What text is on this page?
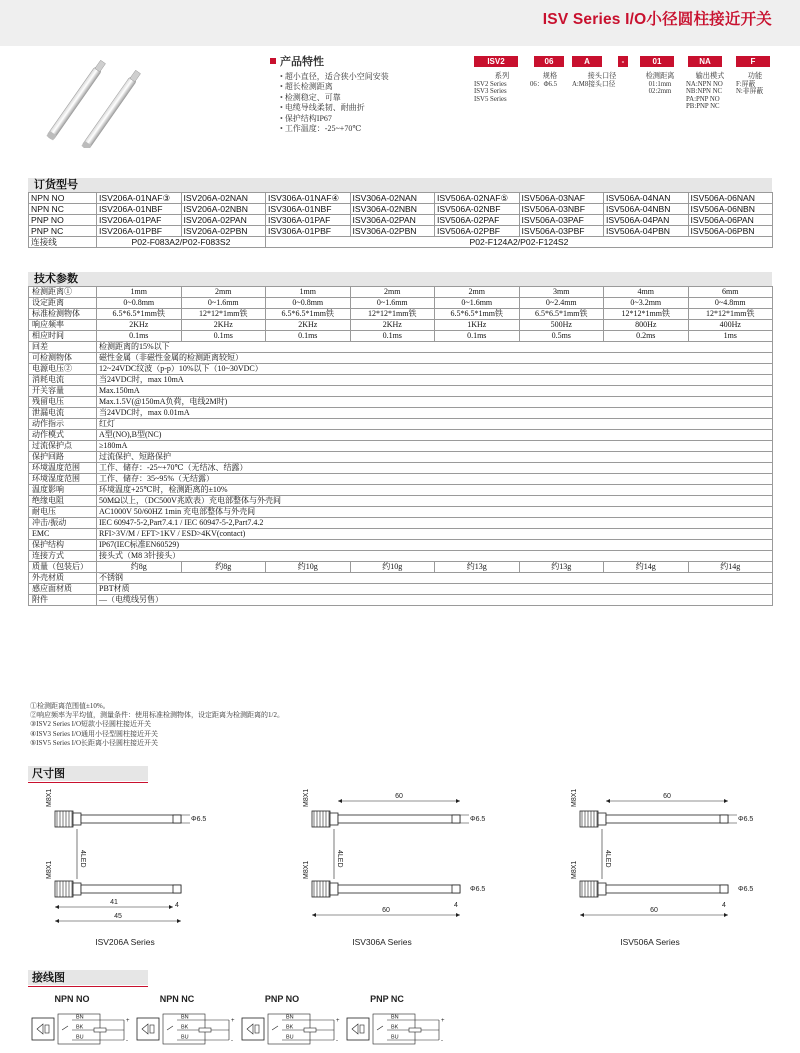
ISV Series I/O小径圆柱接近开关
产品特性
• 超小直径，适合狭小空间安装
• 超长检测距离
• 检测稳定、可靠
• 电缆导线柔韧、耐曲折
• 保护结构IP67
• 工作温度：-25~+70℃
ISV2	06	A	-	01	NA	F
系列
ISV2 Series
ISV3 Series
ISV5 Series
规格
06：Φ6.5
接头口径
A:M8接头口径
检测距离
01:1mm
02:2mm
输出模式
NA:NPN NO
NB:NPN NC
PA:PNP NO
PB:PNP NC
功能
F:屏蔽
N:非屏蔽
订货型号
NPN NO	ISV206A-01NAF③	ISV206A-02NAN	ISV306A-01NAF④	ISV306A-02NAN	ISV506A-02NAF⑤	ISV506A-03NAF	ISV506A-04NAN	ISV506A-06NAN
NPN NC	ISV206A-01NBF	ISV206A-02NBN	ISV306A-01NBF	ISV306A-02NBN	ISV506A-02NBF	ISV506A-03NBF	ISV506A-04NBN	ISV506A-06NBN
PNP NO	ISV206A-01PAF	ISV206A-02PAN	ISV306A-01PAF	ISV306A-02PAN	ISV506A-02PAF	ISV506A-03PAF	ISV506A-04PAN	ISV506A-06PAN
PNP NC	ISV206A-01PBF	ISV206A-02PBN	ISV306A-01PBF	ISV306A-02PBN	ISV506A-02PBF	ISV506A-03PBF	ISV506A-04PBN	ISV506A-06PBN
连接线	P02-F083A2/P02-F083S2		P02-F124A2/P02-F124S2					
技术参数
检测距离①	1mm	2mm	1mm	2mm	2mm	3mm	4mm	6mm
设定距离	0~0.8mm	0~1.6mm	0~0.8mm	0~1.6mm	0~1.6mm	0~2.4mm	0~3.2mm	0~4.8mm
标准检测物体	6.5*6.5*1mm铁	12*12*1mm铁	6.5*6.5*1mm铁	12*12*1mm铁	6.5*6.5*1mm铁	6.5*6.5*1mm铁	12*12*1mm铁	12*12*1mm铁
响应频率	2KHz	2KHz	2KHz	2KHz	1KHz	500Hz	800Hz	400Hz
相应时间	0.1ms	0.1ms	0.1ms	0.1ms	0.1ms	0.5ms	0.2ms	1ms
回差	检测距离的15%以下							
可检测物体	磁性金属（非磁性金属的检测距离较短）							
电源电压②	12~24VDC纹波（p-p）10%以下（10~30VDC）							
消耗电流	当24VDC时，max 10mA							
开关容量	Max.150mA							
残留电压	Max.1.5V(@150mA负荷，电线2M时)							
泄漏电流	当24VDC时，max 0.01mA							
动作指示	红灯							
动作模式	A型(NO),B型(NC)							
过流保护点	≥180mA							
保护回路	过流保护、短路保护							
环境温度范围	工作、储存：-25~+70℃（无结冰、结露）							
环境湿度范围	工作、储存：35~95%（无结露）							
温度影响	环境温度+25℃时，检测距离的±10%							
绝缘电阻	50MΩ以上，（DC500V兆欧表）充电部整体与外壳间							
耐电压	AC1000V 50/60HZ 1min 充电部整体与外壳间							
冲击/振动	IEC 60947-5-2,Part7.4.1 / IEC 60947-5-2,Part7.4.2							
EMC	RFI>3V/M / EFT>1KV / ESD>4KV(contact)							
保护结构	IP67(IEC标准EN60529)							
连接方式	接头式（M8 3针接头）							
质量（包装后）	约8g	约8g	约10g	约10g	约13g	约13g	约14g	约14g
外壳材质	不锈钢							
感应面材质	PBT材质							
附件	—（电缆线另售）							
①检测距离范围值±10%。
②响应频率为平均值，测量条件：使用标准检测物体，设定距离为检测距离的1/2。
③ISV2 Series I/O短款小径圆柱接近开关
④ISV3 Series I/O通用小径型圆柱接近开关
⑤ISV5 Series I/O长距离小径圆柱接近开关
尺寸图
M8X1
Φ6.5
4LED
M8X1
4
41
45
ISV206A Series
M8X1
Φ6.5
60
4LED
M8X1
Φ6.5
4
60
ISV306A Series
M8X1
Φ6.5
60
4LED
M8X1
Φ6.5
4
60
ISV506A Series
接线图
NPN NO
BN
BK
BU
+
-
NPN NC
BN
BK
BU
+
-
PNP NO
BN
BK
BU
+
-
PNP NC
BN
BK
BU
+
-
